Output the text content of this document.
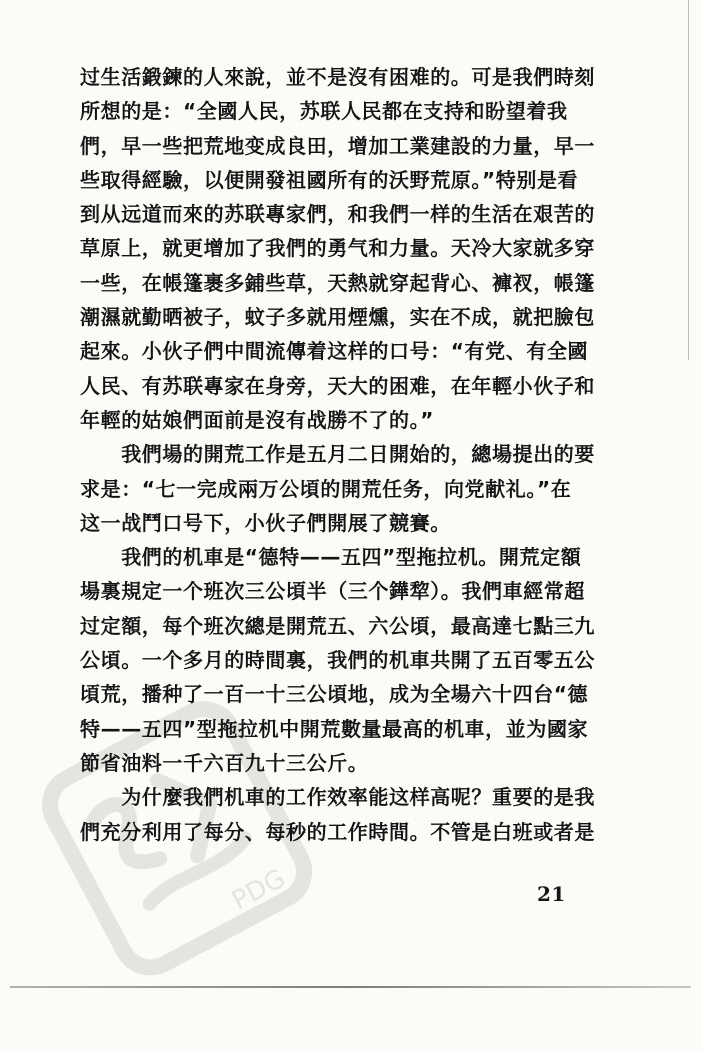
PDG
过生活鍛鍊的人來說，並不是沒有困难的。可是我們時刻
所想的是：“全國人民，苏联人民都在支持和盼望着我
們，早一些把荒地变成良田，增加工業建設的力量，早一
些取得經驗，以便開發祖國所有的沃野荒原。”特别是看
到从远道而來的苏联專家們，和我們一样的生活在艰苦的
草原上，就更增加了我們的勇气和力量。天冷大家就多穿
一些，在帳篷裹多鋪些草，天熱就穿起背心、褲衩，帳篷
潮濕就勤晒被子，蚊子多就用煙燻，实在不成，就把臉包
起來。小伙子們中間流傳着这样的口号：“有党、有全國
人民、有苏联專家在身旁，天大的困难，在年輕小伙子和
年輕的姑娘們面前是沒有战勝不了的。”
　　我們場的開荒工作是五月二日開始的，總場提出的要
求是：“七一完成兩万公頃的開荒任务，向党献礼。”在
这一战鬥口号下，小伙子們開展了競賽。
　　我們的机車是“德特——五四”型拖拉机。開荒定額
場裏規定一个班次三公頃半（三个鏵犂）。我們車經常超
过定額，每个班次總是開荒五、六公頃，最高達七點三九
公頃。一个多月的時間裏，我們的机車共開了五百零五公
頃荒，播种了一百一十三公頃地，成为全場六十四台“德
特——五四”型拖拉机中開荒數量最高的机車，並为國家
節省油料一千六百九十三公斤。
　　为什麼我們机車的工作效率能这样高呢？重要的是我
們充分利用了每分、每秒的工作時間。不管是白班或者是
21
